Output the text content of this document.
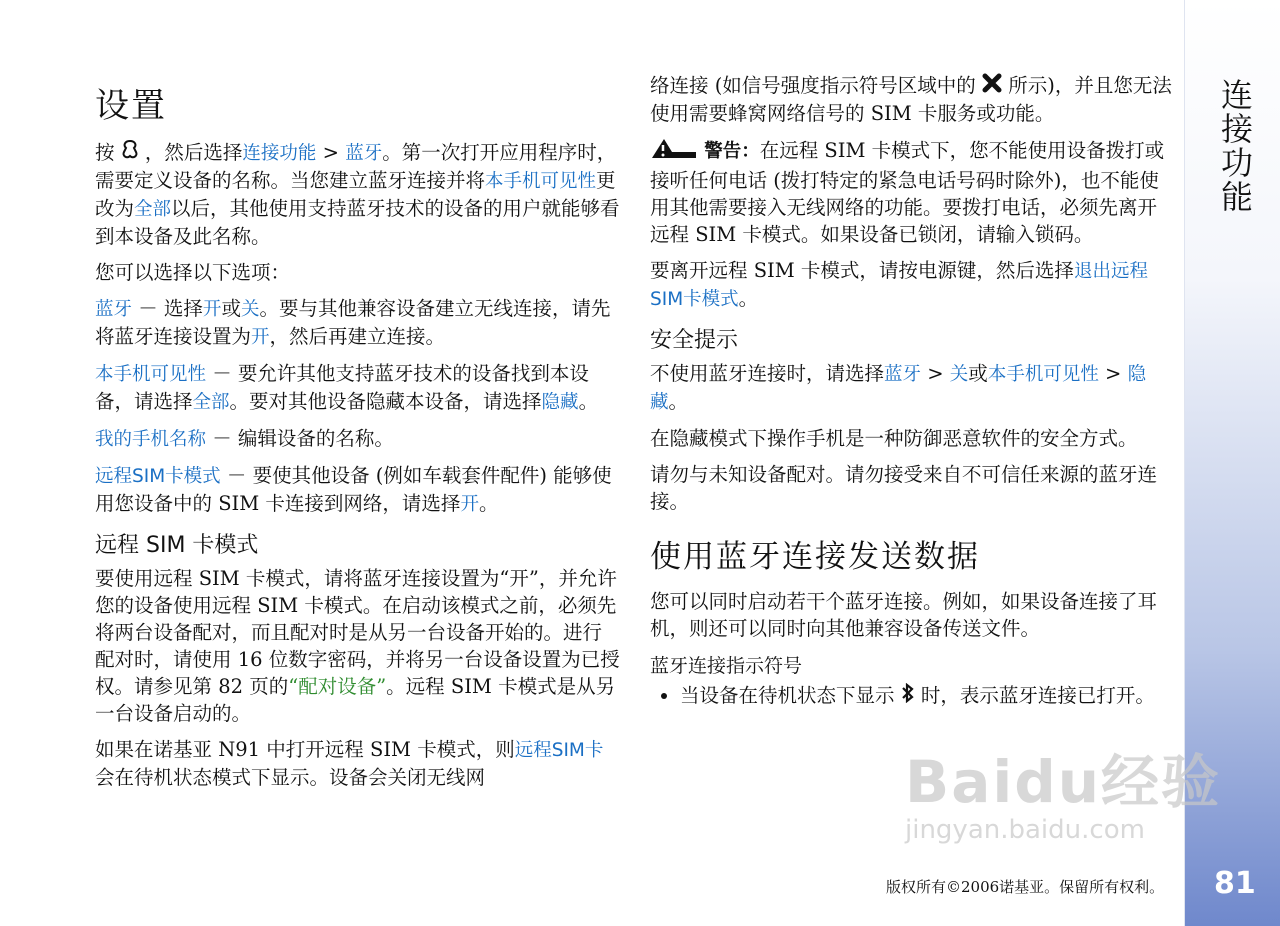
连接功能
81
设置

按  ，然后选择连接功能 > 蓝牙。第一次打开应用程序时，需要定义设备的名称。当您建立蓝牙连接并将本手机可见性更改为全部以后，其他使用支持蓝牙技术的设备的用户就能够看到本设备及此名称。

您可以选择以下选项：

蓝牙 － 选择开或关。要与其他兼容设备建立无线连接，请先将蓝牙连接设置为开，然后再建立连接。

本手机可见性 － 要允许其他支持蓝牙技术的设备找到本设备，请选择全部。要对其他设备隐藏本设备，请选择隐藏。

我的手机名称 － 编辑设备的名称。

远程SIM卡模式 － 要使其他设备 (例如车载套件配件) 能够使用您设备中的 SIM 卡连接到网络，请选择开。

远程 SIM 卡模式

要使用远程 SIM 卡模式，请将蓝牙连接设置为“开”，并允许您的设备使用远程 SIM 卡模式。在启动该模式之前，必须先将两台设备配对，而且配对时是从另一台设备开始的。进行配对时，请使用 16 位数字密码，并将另一台设备设置为已授权。请参见第 82 页的“配对设备”。远程 SIM 卡模式是从另一台设备启动的。

如果在诺基亚 N91 中打开远程 SIM 卡模式，则远程SIM卡会在待机状态模式下显示。设备会关闭无线网

络连接 (如信号强度指示符号区域中的  所示)，并且您无法使用需要蜂窝网络信号的 SIM 卡服务或功能。

警告：在远程 SIM 卡模式下，您不能使用设备拨打或接听任何电话 (拨打特定的紧急电话号码时除外)，也不能使用其他需要接入无线网络的功能。要拨打电话，必须先离开远程 SIM 卡模式。如果设备已锁闭，请输入锁码。

要离开远程 SIM 卡模式，请按电源键，然后选择退出远程SIM卡模式。

安全提示

不使用蓝牙连接时，请选择蓝牙 > 关或本手机可见性 > 隐藏。

在隐藏模式下操作手机是一种防御恶意软件的安全方式。

请勿与未知设备配对。请勿接受来自不可信任来源的蓝牙连接。

使用蓝牙连接发送数据

您可以同时启动若干个蓝牙连接。例如，如果设备连接了耳机，则还可以同时向其他兼容设备传送文件。

蓝牙连接指示符号
• 当设备在待机状态下显示  时，表示蓝牙连接已打开。
Baidu经验
jingyan.baidu.com
版权所有©2006诺基亚。保留所有权利。
